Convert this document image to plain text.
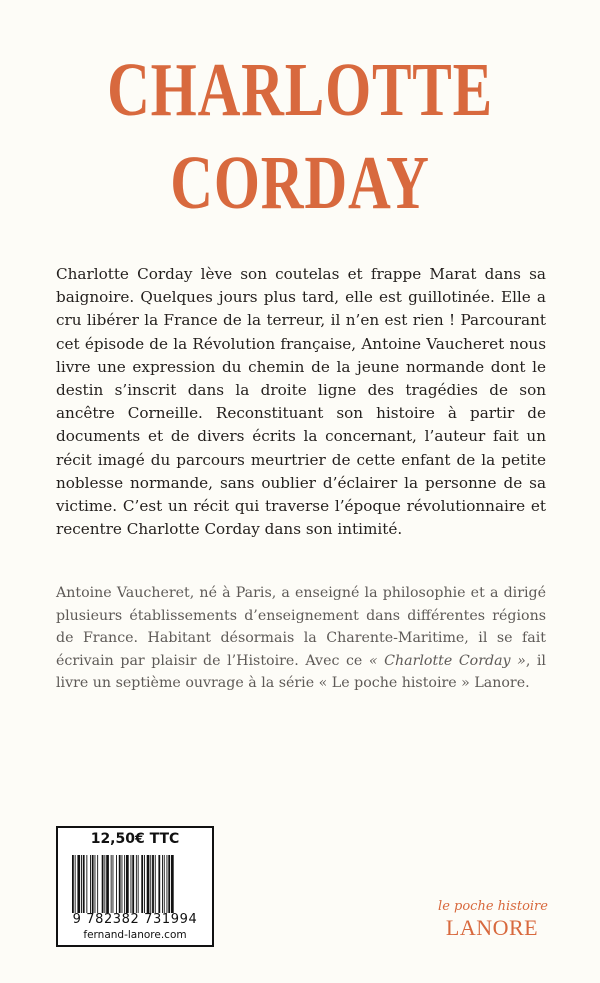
CHARLOTTE
CORDAY

Charlotte Corday lève son coutelas et frappe Marat dans sa baignoire. Quelques jours plus tard, elle est guillotinée. Elle a cru libérer la France de la terreur, il n’en est rien ! Parcourant cet épisode de la Révolution française, Antoine Vaucheret nous livre une expression du chemin de la jeune normande dont le destin s’inscrit dans la droite ligne des tragédies de son ancêtre Corneille. Reconstituant son histoire à partir de documents et de divers écrits la concernant, l’auteur fait un récit imagé du parcours meurtrier de cette enfant de la petite noblesse normande, sans oublier d’éclairer la personne de sa victime. C’est un récit qui traverse l’époque révolutionnaire et recentre Charlotte Corday dans son intimité.

Antoine Vaucheret, né à Paris, a enseigné la philosophie et a dirigé plusieurs établissements d’enseignement dans différentes régions de France. Habitant désormais la Charente-Maritime, il se fait écrivain par plaisir de l’Histoire. Avec ce « Charlotte Corday », il livre un septième ouvrage à la série « Le poche histoire » Lanore.

12,50€ TTC
9 782382 731994
fernand-lanore.com
le poche histoire
LANORE
